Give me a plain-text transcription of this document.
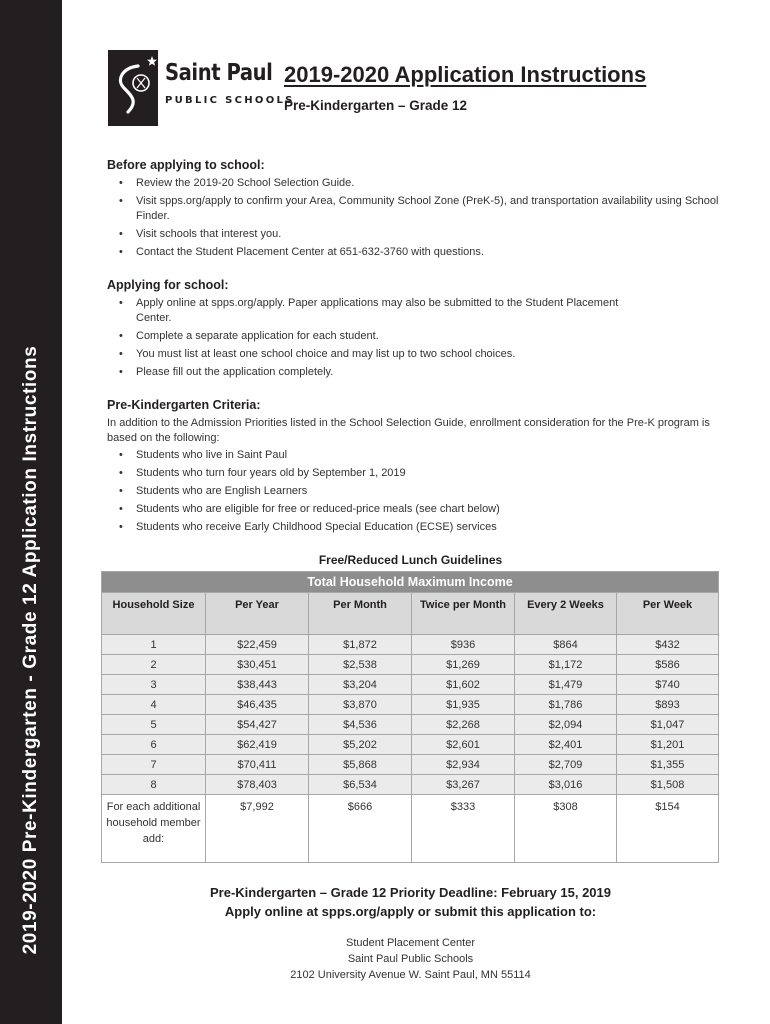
2019-2020 Pre-Kindergarten - Grade 12 Application Instructions
Saint Paul
PUBLIC SCHOOLS
2019-2020 Application Instructions
Pre-Kindergarten – Grade 12
Before applying to school:
• Review the 2019-20 School Selection Guide.
• Visit spps.org/apply to confirm your Area, Community School Zone (PreK-5), and transportation availability using School Finder.
• Visit schools that interest you.
• Contact the Student Placement Center at 651-632-3760 with questions.
Applying for school:
• Apply online at spps.org/apply. Paper applications may also be submitted to the Student Placement Center.
• Complete a separate application for each student.
• You must list at least one school choice and may list up to two school choices.
• Please fill out the application completely.
Pre-Kindergarten Criteria:

In addition to the Admission Priorities listed in the School Selection Guide, enrollment consideration for the Pre-K program is based on the following:

• Students who live in Saint Paul
• Students who turn four years old by September 1, 2019
• Students who are English Learners
• Students who are eligible for free or reduced-price meals (see chart below)
• Students who receive Early Childhood Special Education (ECSE) services
Free/Reduced Lunch Guidelines
Total Household Maximum Income					
Household Size	Per Year	Per Month	Twice per Month	Every 2 Weeks	Per Week
1	$22,459	$1,872	$936	$864	$432
2	$30,451	$2,538	$1,269	$1,172	$586
3	$38,443	$3,204	$1,602	$1,479	$740
4	$46,435	$3,870	$1,935	$1,786	$893
5	$54,427	$4,536	$2,268	$2,094	$1,047
6	$62,419	$5,202	$2,601	$2,401	$1,201
7	$70,411	$5,868	$2,934	$2,709	$1,355
8	$78,403	$6,534	$3,267	$3,016	$1,508
For each additional household member add:	$7,992	$666	$333	$308	$154
Pre-Kindergarten – Grade 12 Priority Deadline: February 15, 2019
Apply online at spps.org/apply or submit this application to:
Student Placement Center
Saint Paul Public Schools
2102 University Avenue W. Saint Paul, MN 55114
